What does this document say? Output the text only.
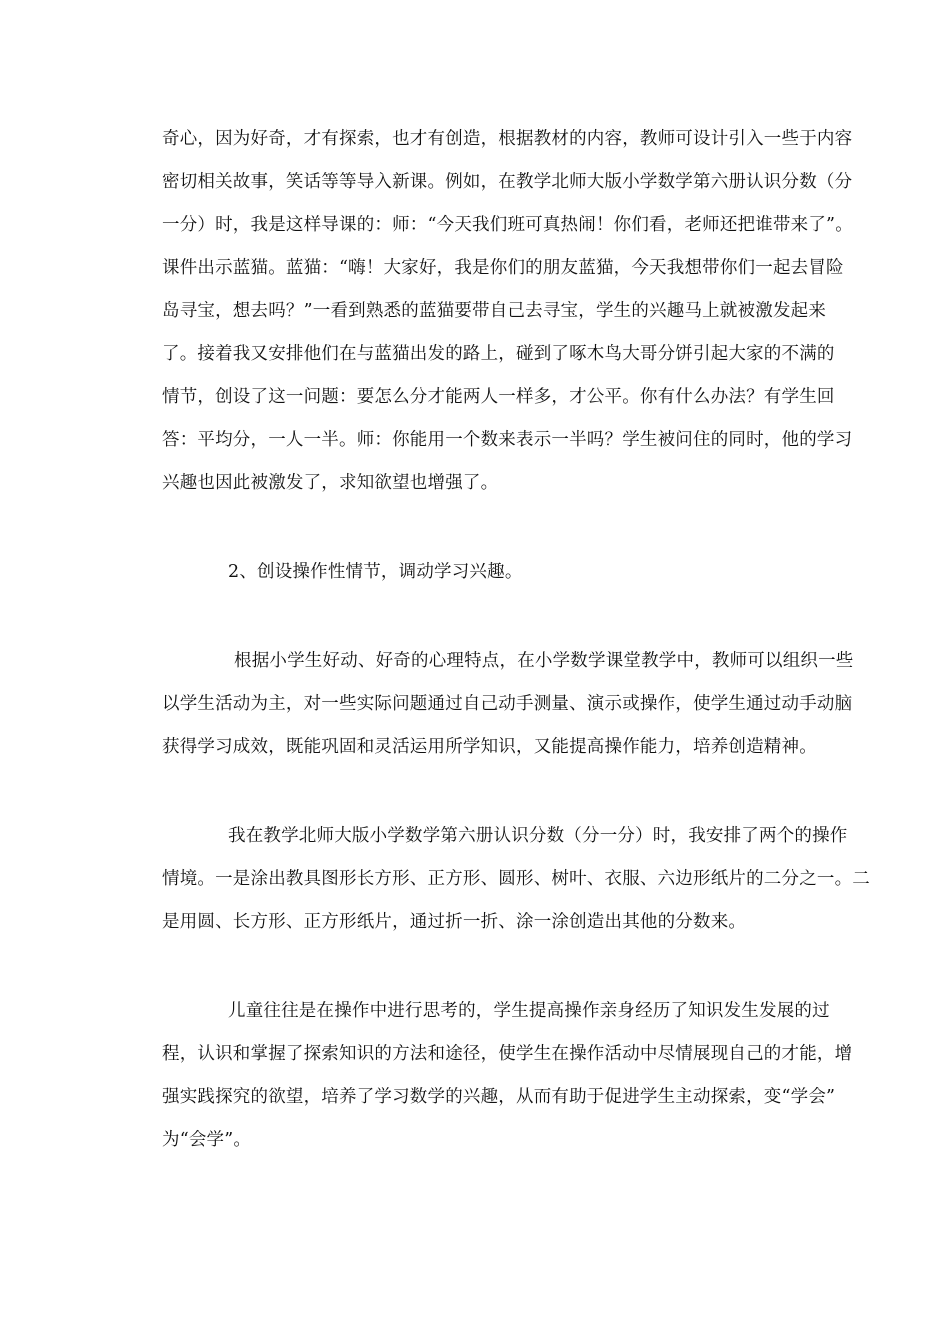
奇心，因为好奇，才有探索，也才有创造，根据教材的内容，教师可设计引入一些于内容
密切相关故事，笑话等等导入新课。例如，在教学北师大版小学数学第六册认识分数（分
一分）时，我是这样导课的：师：“今天我们班可真热闹！你们看，老师还把谁带来了”。
课件出示蓝猫。蓝猫：“嗨！大家好，我是你们的朋友蓝猫，今天我想带你们一起去冒险
岛寻宝，想去吗？”一看到熟悉的蓝猫要带自己去寻宝，学生的兴趣马上就被激发起来
了。接着我又安排他们在与蓝猫出发的路上，碰到了啄木鸟大哥分饼引起大家的不满的
情节，创设了这一问题：要怎么分才能两人一样多，才公平。你有什么办法？有学生回
答：平均分，一人一半。师：你能用一个数来表示一半吗？学生被问住的同时，他的学习
兴趣也因此被激发了，求知欲望也增强了。

2、创设操作性情节，调动学习兴趣。

根据小学生好动、好奇的心理特点，在小学数学课堂教学中，教师可以组织一些
以学生活动为主，对一些实际问题通过自己动手测量、演示或操作，使学生通过动手动脑
获得学习成效，既能巩固和灵活运用所学知识，又能提高操作能力，培养创造精神。

我在教学北师大版小学数学第六册认识分数（分一分）时，我安排了两个的操作
情境。一是涂出教具图形长方形、正方形、圆形、树叶、衣服、六边形纸片的二分之一。二
是用圆、长方形、正方形纸片，通过折一折、涂一涂创造出其他的分数来。

儿童往往是在操作中进行思考的，学生提高操作亲身经历了知识发生发展的过
程，认识和掌握了探索知识的方法和途径，使学生在操作活动中尽情展现自己的才能，增
强实践探究的欲望，培养了学习数学的兴趣，从而有助于促进学生主动探索，变“学会”
为“会学”。
